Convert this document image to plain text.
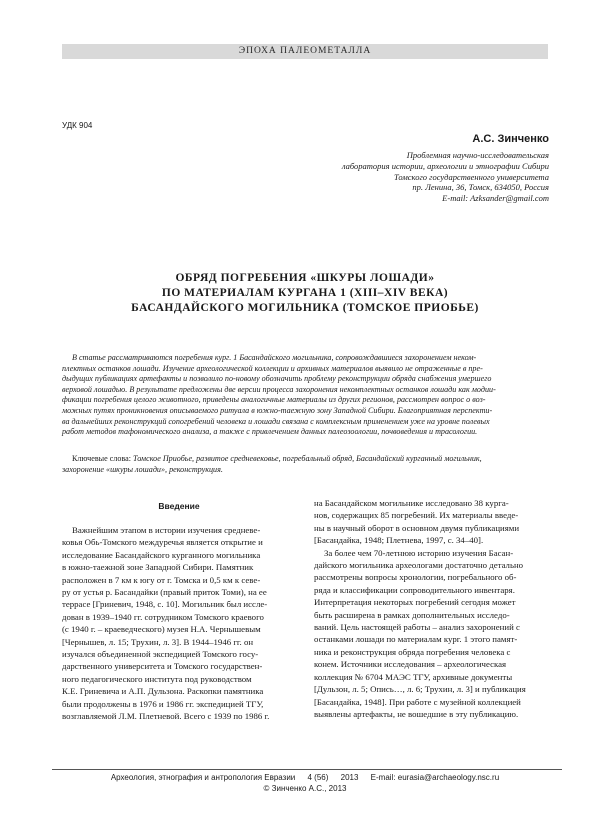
ЭПОХА ПАЛЕОМЕТАЛЛА
УДК 904
А.С. Зинченко
Проблемная научно-исследовательская
лаборатория истории, археологии и этнографии Сибири
Томского государственного университета
пр. Ленина, 36, Томск, 634050, Россия
E-mail: Azksander@gmail.com
ОБРЯД ПОГРЕБЕНИЯ «ШКУРЫ ЛОШАДИ»
ПО МАТЕРИАЛАМ КУРГАНА 1 (XIII–XIV ВЕКА)
БАСАНДАЙСКОГО МОГИЛЬНИКА (ТОМСКОЕ ПРИОБЬЕ)
В статье рассматриваются погребения кург. 1 Басандайского могильника, сопровождавшиеся захоронением неком-
плектных останков лошади. Изучение археологической коллекции и архивных материалов выявило не отраженные в пре-
дыдущих публикациях артефакты и позволило по-новому обозначить проблему реконструкции обряда снабжения умершего
верховой лошадью. В результате предложены две версии процесса захоронения некомплектных останков лошади как модии-
фикации погребения целого животного, приведены аналогичные материалы из других регионов, рассмотрен вопрос о воз-
можных путях проникновения описываемого ритуала в южно-таежную зону Западной Сибири. Благоприятная перспекти-
ва дальнейших реконструкций сопогребений человека и лошади связана с комплексным применением уже на уровне полевых
работ методов тафономического анализа, а также с привлечением данных палеозоологии, почвоведения и трасологии.
Ключевые слова: Томское Приобье, развитое средневековье, погребальный обряд, Басандайский курганный могильник,
захоронение «шкуры лошади», реконструкция.
Введение
Важнейшим этапом в истории изучения средневе-
ковья Обь-Томского междуречья является открытие и
исследование Басандайского курганного могильника
в южно-таежной зоне Западной Сибири. Памятник
расположен в 7 км к югу от г. Томска и 0,5 км к севе-
ру от устья р. Басандайки (правый приток Томи), на ее
террасе [Гриневич, 1948, с. 10]. Могильник был иссле-
дован в 1939–1940 гг. сотрудником Томского краевого
(с 1940 г. – краеведческого) музея Н.А. Чернышевым
[Чернышев, л. 15; Трухин, л. 3]. В 1944–1946 гг. он
изучался объединенной экспедицией Томского госу-
дарственного университета и Томского государствен-
ного педагогического института под руководством
К.Е. Гриневича и А.П. Дульзона. Раскопки памятника
были продолжены в 1976 и 1986 гг. экспедицией ТГУ,
возглавляемой Л.М. Плетневой. Всего с 1939 по 1986 г.
на Басандайском могильнике исследовано 38 курга-
нов, содержащих 85 погребений. Их материалы введе-
ны в научный оборот в основном двумя публикациями
[Басандайка, 1948; Плетнева, 1997, с. 34–40].
За более чем 70-летнюю историю изучения Басан-
дайского могильника археологами достаточно детально
рассмотрены вопросы хронологии, погребального об-
ряда и классификации сопроводительного инвентаря.
Интерпретация некоторых погребений сегодня может
быть расширена в рамках дополнительных исследо-
ваний. Цель настоящей работы – анализ захоронений с
останками лошади по материалам кург. 1 этого памят-
ника и реконструкция обряда погребения человека с
конем. Источники исследования – археологическая
коллекция № 6704 МАЭС ТГУ, архивные документы
[Дульзон, л. 5; Опись…, л. 6; Трухин, л. 3] и публикация
[Басандайка, 1948]. При работе с музейной коллекцией
выявлены артефакты, не вошедшие в эту публикацию.
Археология, этнография и антропология Евразии 4 (56) 2013 E-mail: eurasia@archaeology.nsc.ru
© Зинченко А.С., 2013
